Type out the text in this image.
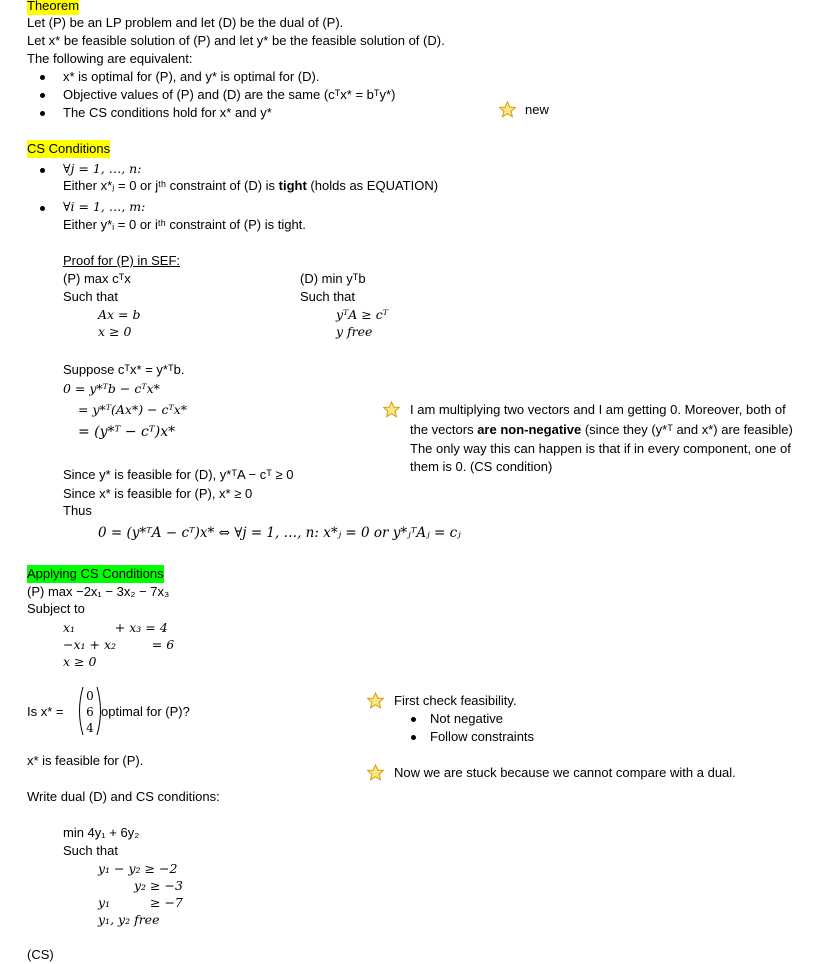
Theorem
Let (P) be an LP problem and let (D) be the dual of (P).
Let x* be feasible solution of (P) and let y* be the feasible solution of (D).
The following are equivalent:
x* is optimal for (P), and y* is optimal for (D).
Objective values of (P) and (D) are the same (cᵀx* = bᵀy*)
The CS conditions hold for x* and y*	new
CS Conditions
∀j = 1, …, n:
Either x*ⱼ = 0 or jᵗʰ constraint of (D) is tight (holds as EQUATION)
∀i = 1, …, m:
Either y*ᵢ = 0 or iᵗʰ constraint of (P) is tight.
Proof for (P) in SEF:
(P) max cᵀx
Such that
Ax = b
x ≥ 0
(D) min yᵀb
Such that
yᵀA ≥ cᵀ
y free
Suppose cᵀx* = y*ᵀb.
0 = y*ᵀb − cᵀx*
= y*ᵀ(Ax*) − cᵀx*
= (y*ᵀ − cᵀ)x*
I am multiplying two vectors and I am getting 0. Moreover, both of
the vectors are non-negative (since they (y*ᵀ and x*) are feasible)
The only way this can happen is that if in every component, one of
them is 0. (CS condition)
Since y* is feasible for (D), y*ᵀA − cᵀ ≥ 0
Since x* is feasible for (P), x* ≥ 0
Thus
0 = (y*ᵀA − cᵀ)x* ⇔ ∀j = 1, …, n: x*ⱼ = 0 or y*ⱼᵀAⱼ = cⱼ
Applying CS Conditions
(P) max −2x₁ − 3x₂ − 7x₃
Subject to
x₁          + x₃ = 4
−x₁ + x₂         = 6
x ≥ 0
Is x* =
0
6
4
optimal for (P)?
First check feasibility.
Not negative
Follow constraints
x* is feasible for (P).
Now we are stuck because we cannot compare with a dual.
Write dual (D) and CS conditions:
min 4y₁ + 6y₂
Such that
y₁ − y₂ ≥ −2
y₂ ≥ −3
y₁	≥ −7
y₁, y₂ free
(CS)
